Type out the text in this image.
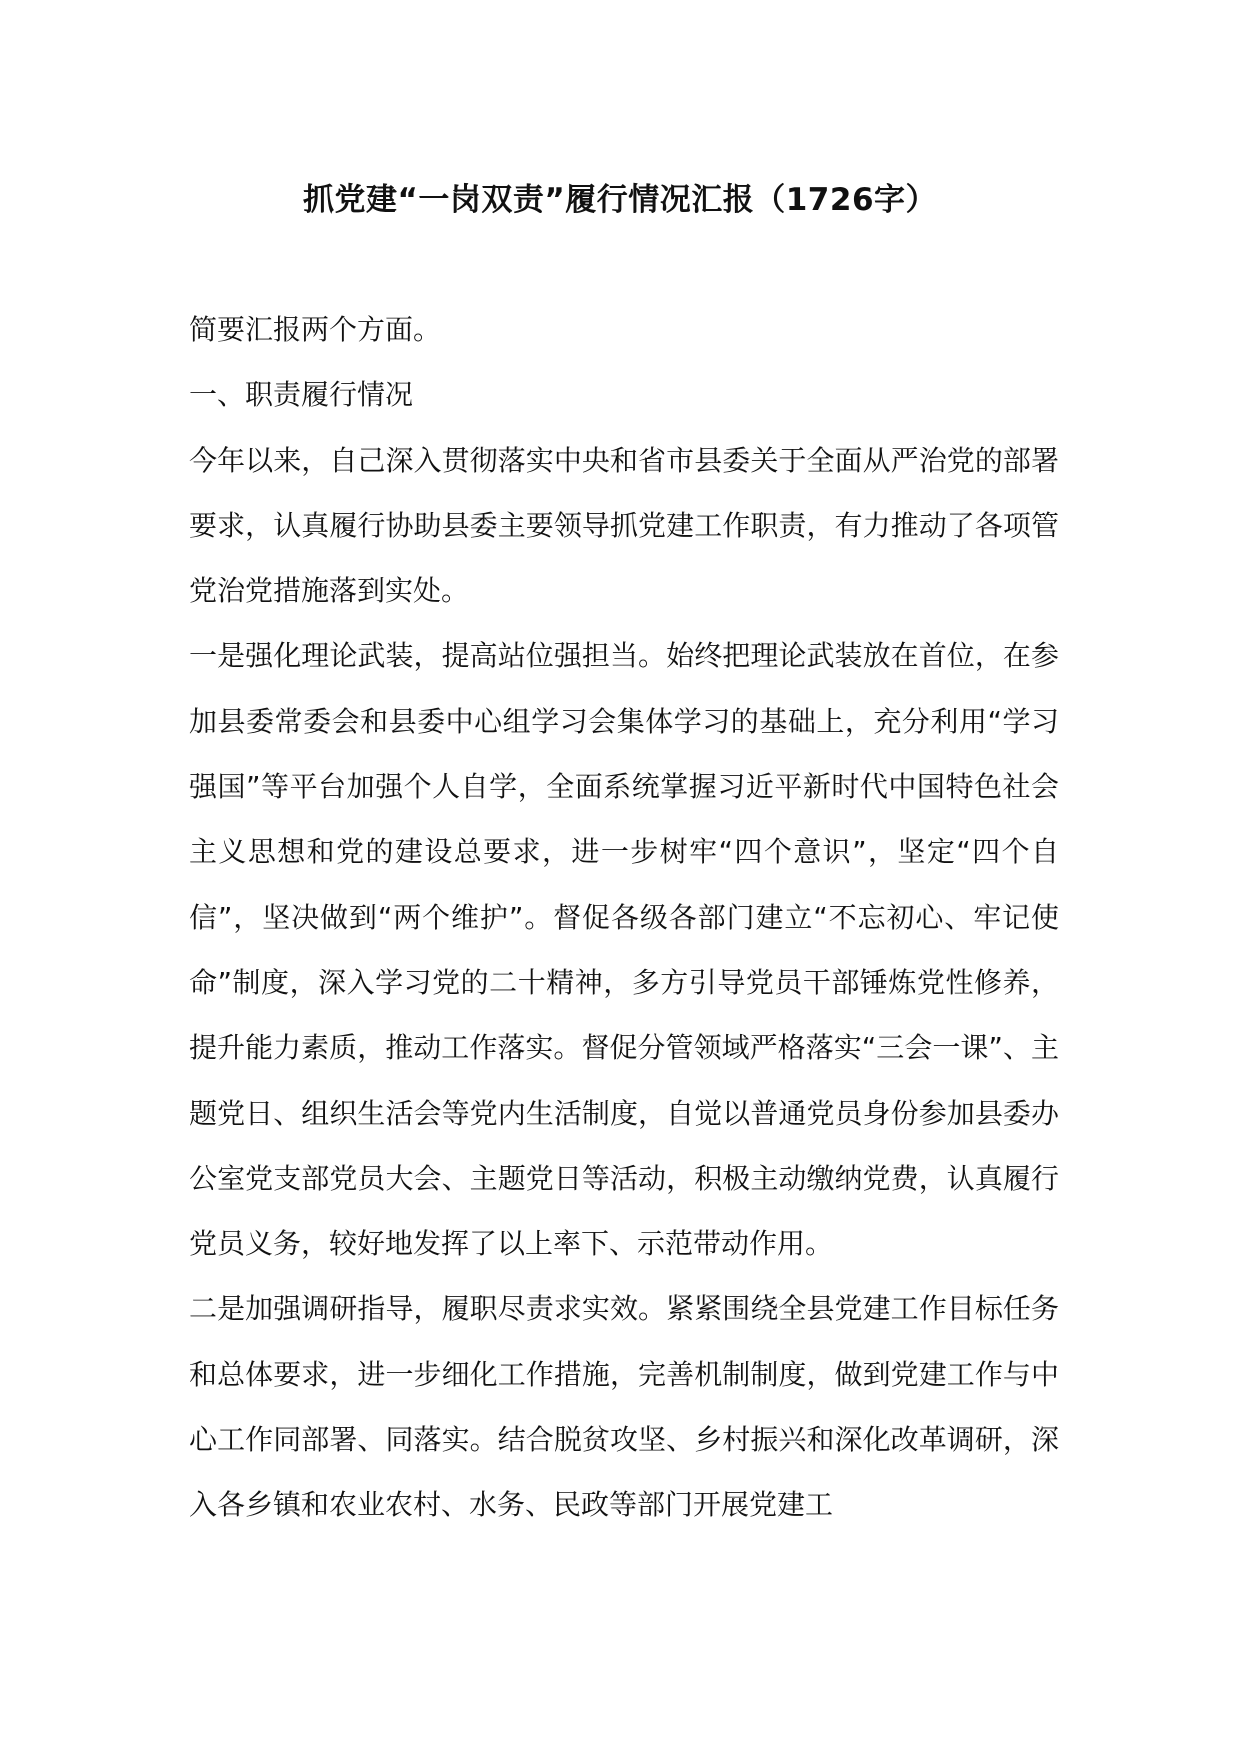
抓党建“一岗双责”履行情况汇报（1726字）

简要汇报两个方面。

一、职责履行情况

今年以来，自己深入贯彻落实中央和省市县委关于全面从严治党的部署要求，认真履行协助县委主要领导抓党建工作职责，有力推动了各项管党治党措施落到实处。

一是强化理论武装，提高站位强担当。始终把理论武装放在首位，在参加县委常委会和县委中心组学习会集体学习的基础上，充分利用“学习强国”等平台加强个人自学，全面系统掌握习近平新时代中国特色社会主义思想和党的建设总要求，进一步树牢“四个意识”，坚定“四个自信”，坚决做到“两个维护”。督促各级各部门建立“不忘初心、牢记使命”制度，深入学习党的二十精神，多方引导党员干部锤炼党性修养，提升能力素质，推动工作落实。督促分管领域严格落实“三会一课”、主题党日、组织生活会等党内生活制度，自觉以普通党员身份参加县委办公室党支部党员大会、主题党日等活动，积极主动缴纳党费，认真履行党员义务，较好地发挥了以上率下、示范带动作用。

二是加强调研指导，履职尽责求实效。紧紧围绕全县党建工作目标任务和总体要求，进一步细化工作措施，完善机制制度，做到党建工作与中心工作同部署、同落实。结合脱贫攻坚、乡村振兴和深化改革调研，深入各乡镇和农业农村、水务、民政等部门开展党建工
